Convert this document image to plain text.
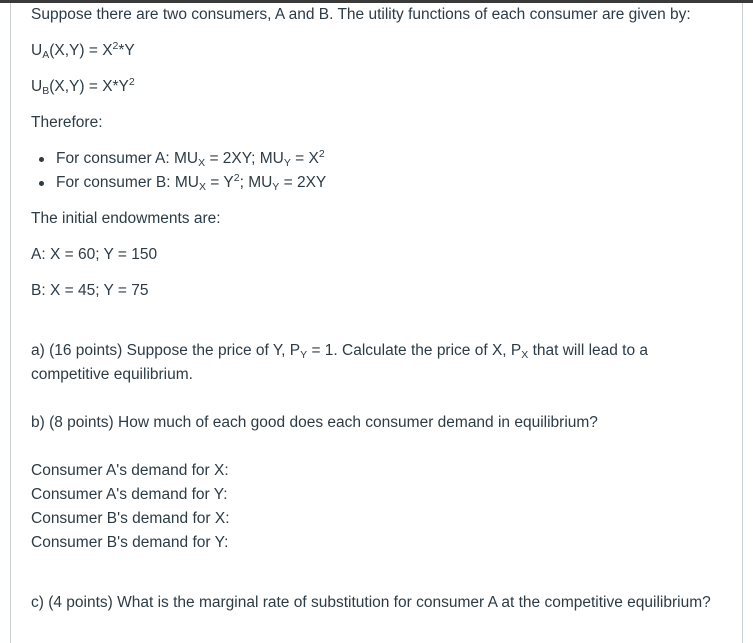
Suppose there are two consumers, A and B. The utility functions of each consumer are given by:

$U_A(X,Y) = X^2*Y$

$U_B(X,Y) = X*Y^2$

Therefore:

For consumer A: $MU_X = 2XY$; $MU_Y = X^2$
For consumer B: $MU_X = Y^2$; $MU_Y = 2XY$

The initial endowments are:

A: X = 60; Y = 150

B: X = 45; Y = 75

a) (16 points) Suppose the price of Y, $P_Y = 1$. Calculate the price of X, $P_X$ that will lead to a competitive equilibrium.

b) (8 points) How much of each good does each consumer demand in equilibrium?

Consumer A's demand for X:

Consumer A's demand for Y:

Consumer B's demand for X:

Consumer B's demand for Y:

c) (4 points) What is the marginal rate of substitution for consumer A at the competitive equilibrium?
